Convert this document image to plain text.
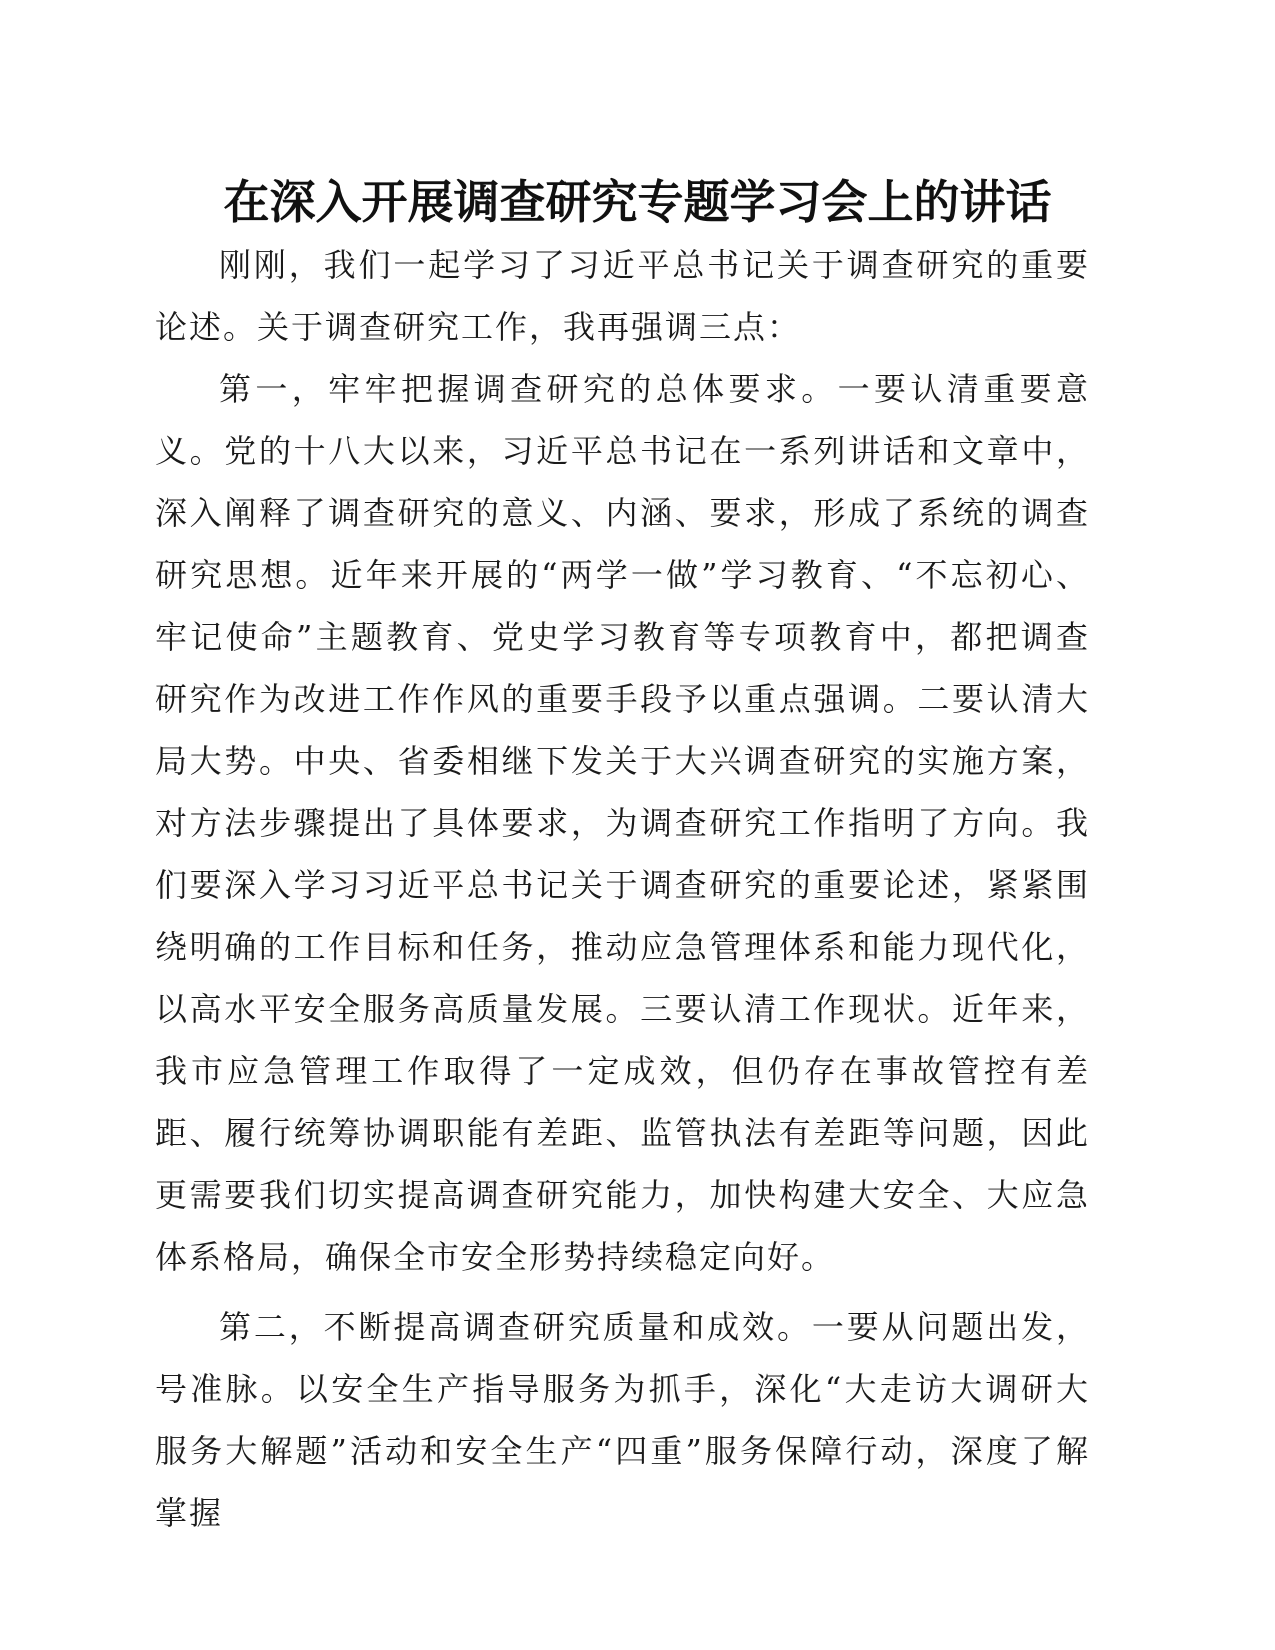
在深入开展调查研究专题学习会上的讲话

刚刚，我们一起学习了习近平总书记关于调查研究的重要论述。关于调查研究工作，我再强调三点：

第一，牢牢把握调查研究的总体要求。一要认清重要意义。党的十八大以来，习近平总书记在一系列讲话和文章中，深入阐释了调查研究的意义、内涵、要求，形成了系统的调查研究思想。近年来开展的“两学一做”学习教育、“不忘初心、牢记使命”主题教育、党史学习教育等专项教育中，都把调查研究作为改进工作作风的重要手段予以重点强调。二要认清大局大势。中央、省委相继下发关于大兴调查研究的实施方案，对方法步骤提出了具体要求，为调查研究工作指明了方向。我们要深入学习习近平总书记关于调查研究的重要论述，紧紧围绕明确的工作目标和任务，推动应急管理体系和能力现代化，以高水平安全服务高质量发展。三要认清工作现状。近年来，我市应急管理工作取得了一定成效，但仍存在事故管控有差距、履行统筹协调职能有差距、监管执法有差距等问题，因此更需要我们切实提高调查研究能力，加快构建大安全、大应急体系格局，确保全市安全形势持续稳定向好。

第二，不断提高调查研究质量和成效。一要从问题出发，号准脉。以安全生产指导服务为抓手，深化“大走访大调研大服务大解题”活动和安全生产“四重”服务保障行动，深度了解掌握
